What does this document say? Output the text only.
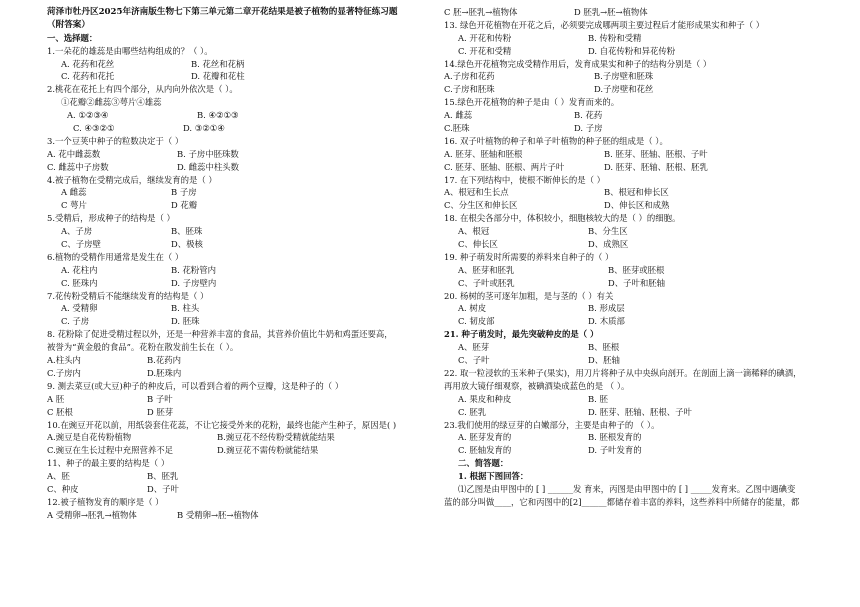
菏泽市牡丹区2025年济南版生物七下第三单元第二章开花结果是被子植物的显著特征练习题
（附答案）
一、选择题：
1.一朵花的雄蕊是由哪些结构组成的？（ ）。
A. 花药和花丝	B. 花丝和花柄
C. 花药和花托	D. 花瓣和花柱
2.桃花在花托上有四个部分，从内向外依次是（ ）。
①花瓣②雌蕊③萼片④雄蕊
A. ①②③④	B. ④②①③
C. ④③②①	D. ③②①④
3.一个豆荚中种子的粒数决定于（ ）
A. 花中雌蕊数	B. 子房中胚珠数
C. 雌蕊中子房数	D. 雌蕊中柱头数
4.被子植物在受精完成后，继续发育的是（ ）
A 雌蕊	B 子房
C 萼片	D 花瓣
5.受精后，形成种子的结构是（ ）
A、子房	B、胚珠
C、子房壁	D、极核
6.植物的受精作用通常是发生在（ ）
A. 花柱内	B. 花粉管内
C. 胚珠内	D. 子房壁内
7.花传粉受精后不能继续发育的结构是（ ）
A. 受精卵	B. 柱头
C. 子房	D. 胚珠
8. 花粉除了促进受精过程以外，还是一种营养丰富的食品，其营养价值比牛奶和鸡蛋还要高，
被誉为“黄金般的食品”。花粉在散发前生长在（ ）。
A.柱头内	B.花药内
C.子房内	D.胚珠内
9. 测去菜豆(或大豆)种子的种皮后，可以看到合着的两个豆瓣，这是种子的（ ）
A 胚	B 子叶
C 胚根	D 胚芽
10.在豌豆开花以前，用纸袋套住花蕊，不让它接受外来的花粉，最终也能产生种子，原因是( )
A.豌豆是自花传粉植物	B.豌豆花不经传粉受精就能结果
C.豌豆在生长过程中充照营养不足	D.豌豆花不需传粉就能结果
11、种子的最主要的结构是（ ）
A、胚	B、胚乳
C、种皮	D、子叶
12.被子植物发育的顺序是（ ）
A 受精卵→胚乳→植物体	B 受精卵→胚→植物体
C 胚→胚乳→植物体	D 胚乳→胚→植物体
13. 绿色开花植物在开花之后，必须要完成哪两项主要过程后才能形成果实和种子（ ）
A. 开花和传粉	B. 传粉和受精
C. 开花和受精	D. 自花传粉和异花传粉
14.绿色开花植物完成受精作用后，发育成果实和种子的结构分别是（ ）
A.子房和花药	B.子房壁和胚珠
C.子房和胚珠	D.子房壁和花丝
15.绿色开花植物的种子是由（ ）发育而来的。
A. 雌蕊	B. 花药
C.胚珠	D. 子房
16. 双子叶植物的种子和单子叶植物的种子胚的组成是（ ）。
A. 胚芽、胚轴和胚根	B. 胚芽、胚轴、胚根、子叶
C. 胚芽、胚轴、胚根、两片子叶	D. 胚芽、胚轴、胚根、胚乳
17. 在下列结构中，使根不断伸长的是（ ）
A、根冠和生长点	B、根冠和伸长区
C、分生区和伸长区	D、伸长区和成熟
18. 在根尖各部分中，体积较小，细胞核较大的是（ ）的细胞。
A、根冠	B、分生区
C、伸长区	D、成熟区
19. 种子萌发时所需要的养料来自种子的（ ）
A、胚芽和胚乳	B、胚芽或胚根
C、子叶或胚乳	D、子叶和胚轴
20. 杨树的茎可逐年加粗，是与茎的（ ）有关
A. 树皮	B. 形成层
C. 韧皮部	D. 木质部
21. 种子萌发时，最先突破种皮的是（ ）
A、胚芽	B、胚根
C、子叶	D、胚轴
22. 取一粒浸软的玉米种子(果实)，用刀片将种子从中央纵向剖开。在剖面上滴一滴稀释的碘酒，
再用放大镜仔细观察，被碘酒染成蓝色的是 （ ）。
A. 果皮和种皮	B. 胚
C. 胚乳	D. 胚芽、胚轴、胚根、子叶
23.我们使用的绿豆芽的白嫩部分，主要是由种子的 （ ）。
A. 胚芽发育的	B. 胚根发育的
C. 胚轴发育的	D. 子叶发育的
二、简答题：
1. 根据下图回答：
⑴乙图是由甲图中的 [ ] ______发 育来，丙图是由甲图中的 [ ] _____发育来。乙图中遇碘变
蓝的部分叫做____，它和丙图中的[2]______都储存着丰富的养料，这些养料中所储存的能量，都
